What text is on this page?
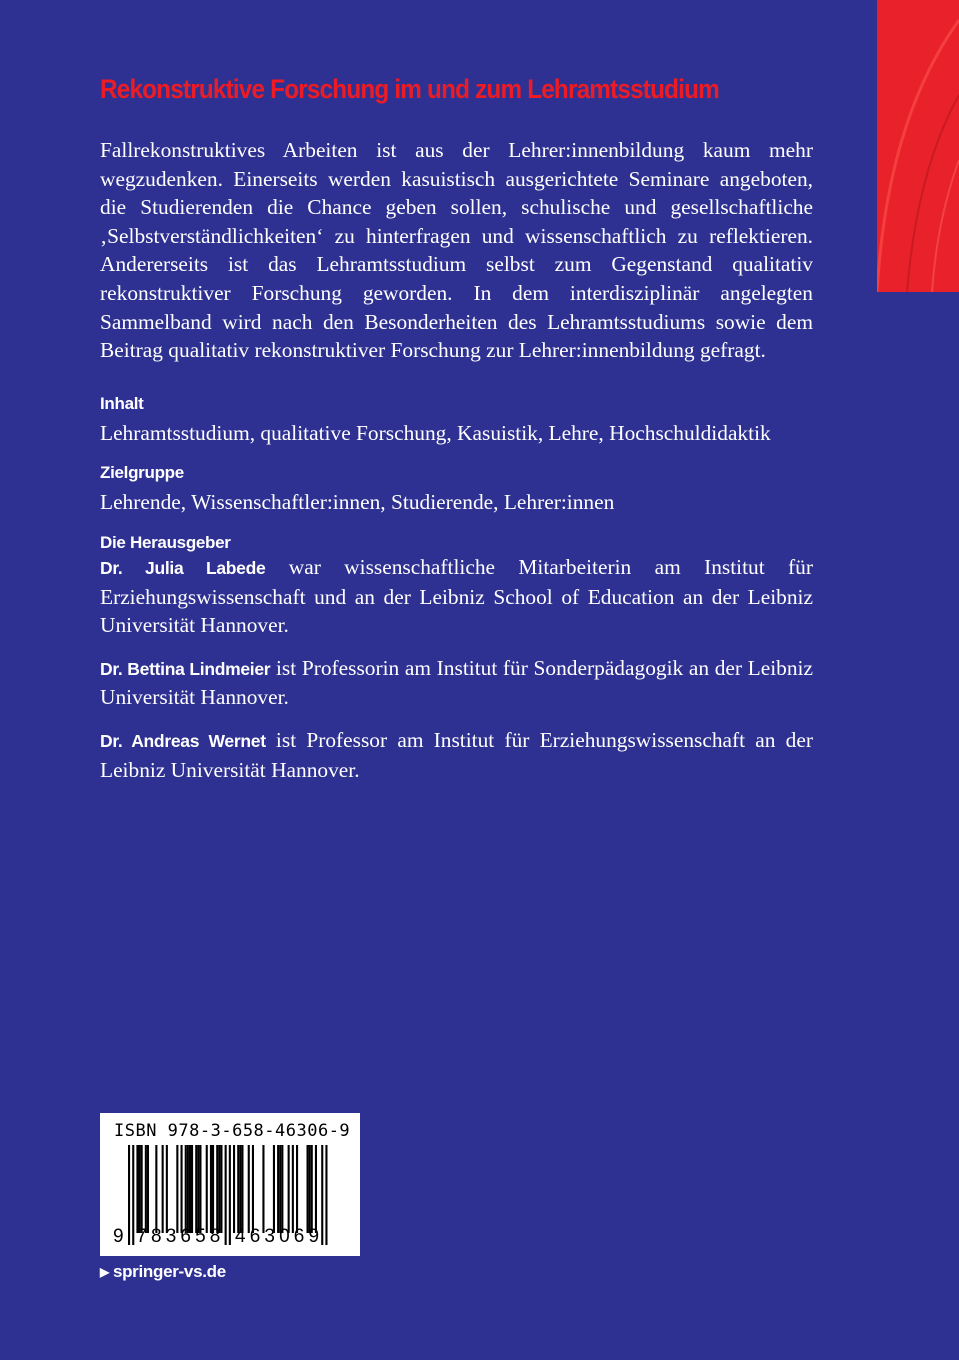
Rekonstruktive Forschung im und zum Lehramtsstudium

Fallrekonstruktives Arbeiten ist aus der Lehrer:innenbildung kaum mehr wegzudenken. Einerseits werden kasuistisch ausgerichtete Seminare angeboten, die Studierenden die Chance geben sollen, schulische und gesellschaftliche ‚Selbstverständlichkeiten‘ zu hinterfragen und wissenschaftlich zu reflektieren. Andererseits ist das Lehramtsstudium selbst zum Gegenstand qualitativ rekonstruktiver Forschung geworden. In dem interdisziplinär angelegten Sammelband wird nach den Besonderheiten des Lehramtsstudiums sowie dem Beitrag qualitativ rekonstruktiver Forschung zur Lehrer:innenbildung gefragt.

Inhalt

Lehramtsstudium, qualitative Forschung, Kasuistik, Lehre, Hochschuldidaktik

Zielgruppe

Lehrende, Wissenschaftler:innen, Studierende, Lehrer:innen

Die Herausgeber

Dr. Julia Labede war wissenschaftliche Mitarbeiterin am Institut für Erziehungswissenschaft und an der Leibniz School of Education an der Leibniz Universität Hannover.

Dr. Bettina Lindmeier ist Professorin am Institut für Sonderpädagogik an der Leibniz Universität Hannover.

Dr. Andreas Wernet ist Professor am Institut für Erziehungswissenschaft an der Leibniz Universität Hannover.

ISBN 978-3-658-46306-9
9 7 8 3 6 5 8 4 6 3 0 6 9
▶ springer-vs.de
